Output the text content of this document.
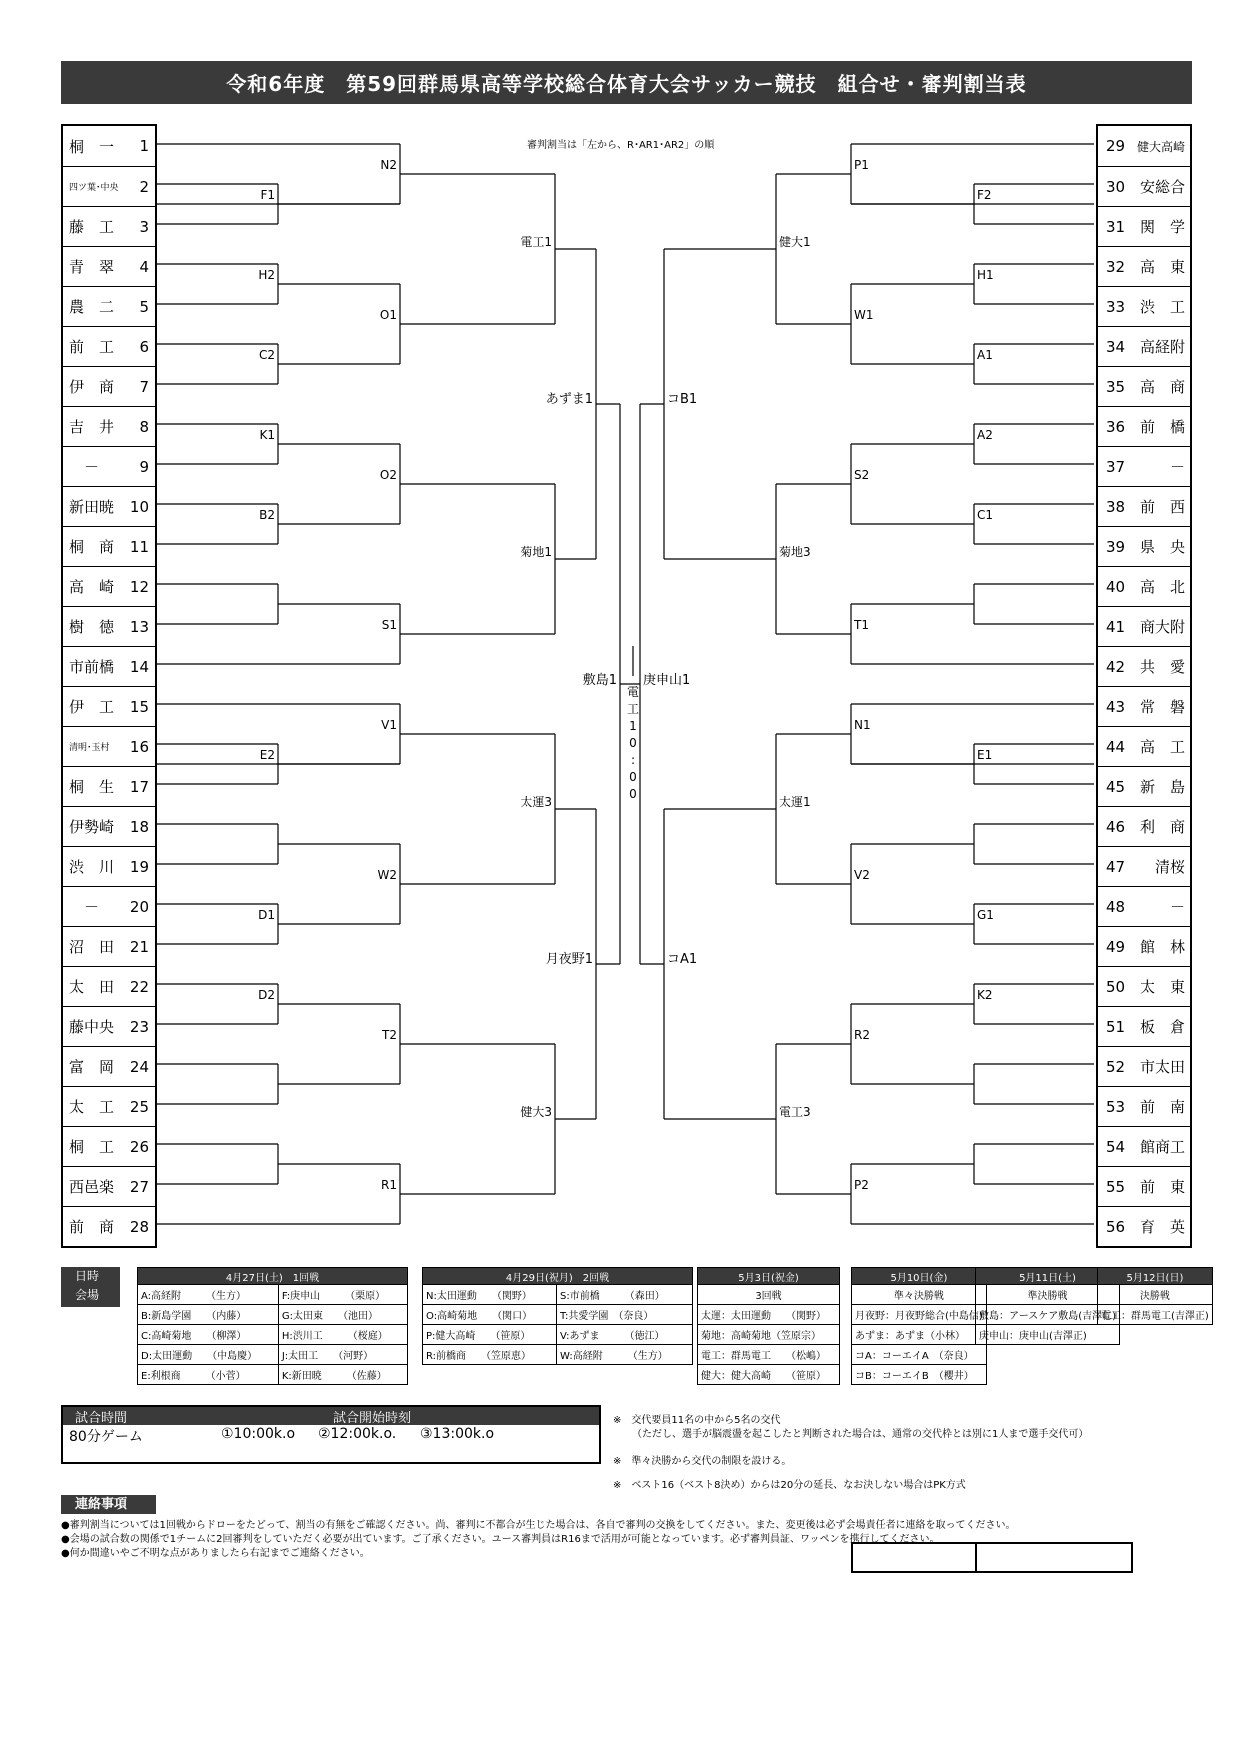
令和6年度　第59回群馬県高等学校総合体育大会サッカー競技　組合せ・審判割当表
審判割当は「左から、R･AR1･AR2」の順
桐　一	1
四ツ葉･中央	2
藤　工	3
青　翠	4
農　二	5
前　工	6
伊　商	7
吉　井	8
　－	9
新田暁	10
桐　商	11
高　崎	12
樹　徳	13
市前橋	14
伊　工	15
清明･玉村	16
桐　生	17
伊勢崎	18
渋　川	19
　－	20
沼　田	21
太　田	22
藤中央	23
富　岡	24
太　工	25
桐　工	26
西邑楽	27
前　商	28
29 健大高崎
30 安総合
31 関　学
32 高　東
33 渋　工
34 高経附
35 高　商
36 前　橋
37	－　
38 前　西
39 県　央
40 高　北
41 商大附
42 共　愛
43 常　磐
44 高　工
45 新　島
46 利　商
47	清桜　
48	－　
49 館　林
50 太　東
51 板　倉
52 市太田
53 前　南
54 館商工
55 前　東
56 育　英
F1
H2
C2
N2
O1
K1
B2
O2
S1
E2
D1
V1
W2
D2
T2
R1
電工1
菊地1
太運3
健大3
あずま1
月夜野1
F2
H1
A1
P1
W1
A2
C1
S2
T1
E1
G1
N1
V2
K2
R2
P2
健大1
菊地3
太運1
電工3
コB1
コA1
敷島1 庚申山1
電
工
1
0
:
0
0
日時
会場
4月27日(土)　1回戦	
A:高経附　　　（生方）	F:庚申山　　　（栗原）
B:新島学園　　（内藤）	G:太田東　　（池田）
C:高崎菊地　　（柳澤）	H:渋川工　　　（桜庭）
D:太田運動　　（中島慶）	J:太田工　　（河野）
E:利根商　　　（小菅）	K:新田暁　　　（佐藤）
4月29日(祝月)　2回戦	
N:太田運動　　（関野）	S:市前橋　　　（森田）
O:高崎菊地　　（関口）	T:共愛学園　（奈良）
P:健大高崎　　（笹原）	V:あずま　　　（徳江）
R:前橋商　　（笠原恵）	W:高経附　　　（生方）
5月3日(祝金)
3回戦
太運：太田運動　　（関野）
菊地：高崎菊地（笠原宗）
電工：群馬電工　　（松嶋）
健大：健大高崎　　（笹原）
5月10日(金)
準々決勝戦
月夜野：月夜野総合(中島信)
あずま：あずま（小林）
コA：コーエイA　（奈良）
コB：コーエイB　（櫻井）
5月11日(土)
準決勝戦
敷島：アースケア敷島(吉澤仁)
庚申山：庚申山(吉澤正)
5月12日(日)
決勝戦
電工：群馬電工(吉澤正)
試合時間	試合開始時刻
80分ゲーム	①10:00k.o ②12:00k.o. ③13:00k.o
※　交代要員11名の中から5名の交代
（ただし、選手が脳震盪を起こしたと判断された場合は、通常の交代枠とは別に1人まで選手交代可）
※　準々決勝から交代の制限を設ける。
※　ベスト16（ベスト8決め）からは20分の延長、なお決しない場合はPK方式
連絡事項
●審判割当については1回戦からドローをたどって、割当の有無をご確認ください。尚、審判に不都合が生じた場合は、各自で審判の交換をしてください。また、変更後は必ず会場責任者に連絡を取ってください。
●会場の試合数の関係で1チームに2回審判をしていただく必要が出ています。ご了承ください。ユース審判員はR16まで活用が可能となっています。必ず審判員証、ワッペンを携行してください。
●何か間違いやご不明な点がありましたら右記までご連絡ください。
